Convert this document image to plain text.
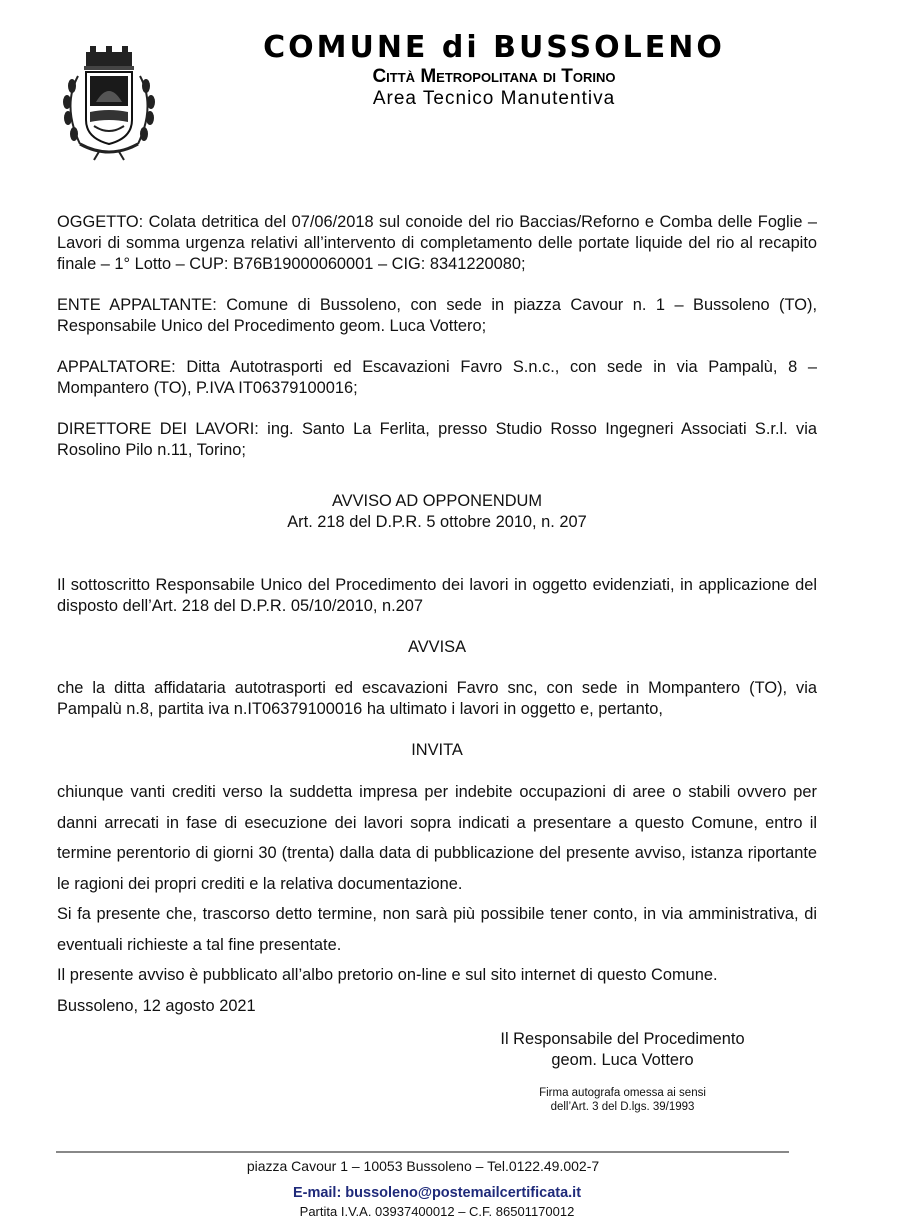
COMUNE di BUSSOLENO
Città Metropolitana di Torino
Area Tecnico Manutentiva

OGGETTO: Colata detritica del 07/06/2018 sul conoide del rio Baccias/Reforno e Comba delle Foglie – Lavori di somma urgenza relativi all’intervento di completamento delle portate liquide del rio al recapito finale – 1° Lotto – CUP: B76B19000060001 – CIG: 8341220080;

ENTE APPALTANTE: Comune di Bussoleno, con sede in piazza Cavour n. 1 – Bussoleno (TO), Responsabile Unico del Procedimento geom. Luca Vottero;

APPALTATORE: Ditta Autotrasporti ed Escavazioni Favro S.n.c., con sede in via Pampalù, 8 – Mompantero (TO), P.IVA IT06379100016;

DIRETTORE DEI LAVORI: ing. Santo La Ferlita, presso Studio Rosso Ingegneri Associati S.r.l. via Rosolino Pilo n.11, Torino;

AVVISO AD OPPONENDUM
Art. 218 del D.P.R. 5 ottobre 2010, n. 207

Il sottoscritto Responsabile Unico del Procedimento dei lavori in oggetto evidenziati, in applicazione del disposto dell’Art. 218 del D.P.R. 05/10/2010, n.207

AVVISA

che la ditta affidataria autotrasporti ed escavazioni Favro snc, con sede in Mompantero (TO), via Pampalù n.8, partita iva n.IT06379100016 ha ultimato i lavori in oggetto e, pertanto,

INVITA

chiunque vanti crediti verso la suddetta impresa per indebite occupazioni di aree o stabili ovvero per danni arrecati in fase di esecuzione dei lavori sopra indicati a presentare a questo Comune, entro il termine perentorio di giorni 30 (trenta) dalla data di pubblicazione del presente avviso, istanza riportante le ragioni dei propri crediti e la relativa documentazione.

Si fa presente che, trascorso detto termine, non sarà più possibile tener conto, in via amministrativa, di eventuali richieste a tal fine presentate.

Il presente avviso è pubblicato all’albo pretorio on-line e sul sito internet di questo Comune.

Bussoleno, 12 agosto 2021

Il Responsabile del Procedimento
geom. Luca Vottero
Firma autografa omessa ai sensi
dell’Art. 3 del D.lgs. 39/1993
piazza Cavour 1 – 10053 Bussoleno – Tel.0122.49.002-7
E-mail: bussoleno@postemailcertificata.it
Partita I.V.A. 03937400012 – C.F. 86501170012
